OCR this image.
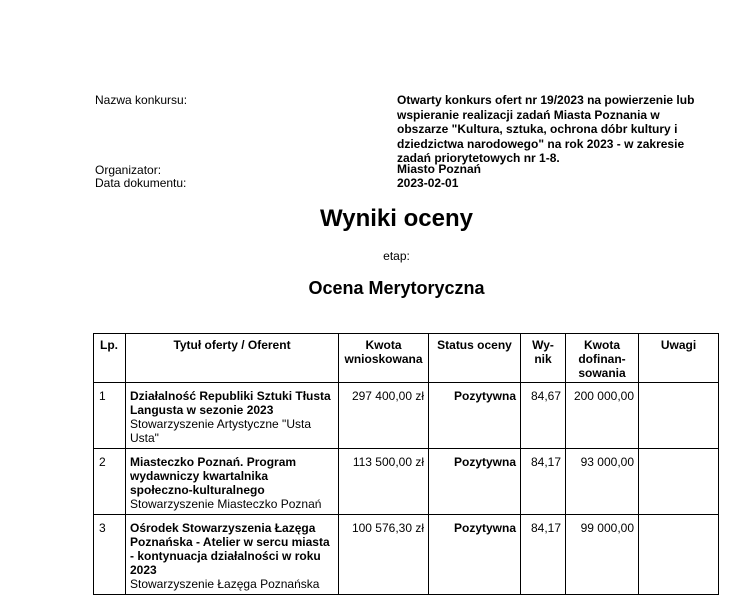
Nazwa konkursu:	Otwarty konkurs ofert nr 19/2023 na powierzenie lub wspieranie realizacji zadań Miasta Poznania w obszarze "Kultura, sztuka, ochrona dóbr kultury i dziedzictwa narodowego" na rok 2023 - w zakresie zadań priorytetowych nr 1-8.
Organizator:	Miasto Poznań
Data dokumentu:	2023-02-01
Wyniki oceny
etap:
Ocena Merytoryczna
Lp.	Tytuł oferty / Oferent	Kwota wnioskowana	Status oceny	Wy-nik	Kwota dofinan-sowania	Uwagi
1	Działalność Republiki Sztuki Tłusta Langusta w sezonie 2023
Stowarzyszenie Artystyczne "Usta Usta"	297 400,00 zł	Pozytywna	84,67	200 000,00	
2	Miasteczko Poznań. Program wydawniczy kwartalnika społeczno-kulturalnego
Stowarzyszenie Miasteczko Poznań	113 500,00 zł	Pozytywna	84,17	93 000,00	
3	Ośrodek Stowarzyszenia Łazęga Poznańska - Atelier w sercu miasta - kontynuacja działalności w roku 2023
Stowarzyszenie Łazęga Poznańska	100 576,30 zł	Pozytywna	84,17	99 000,00	
